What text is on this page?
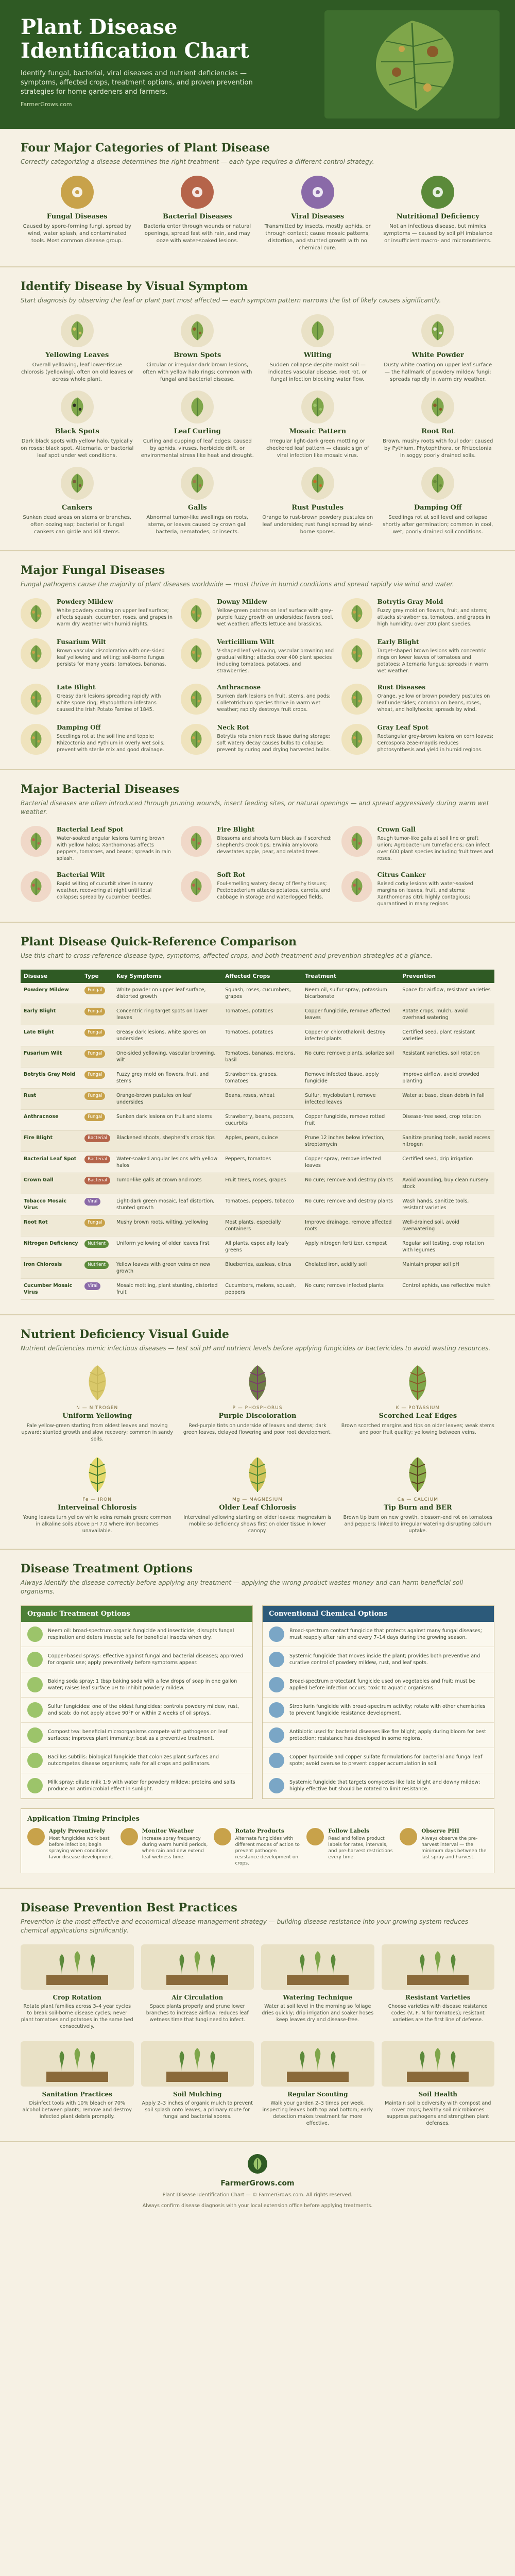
Plant Disease Identification Chart

Identify fungal, bacterial, viral diseases and nutrient deficiencies — symptoms, affected crops, treatment options, and proven prevention strategies for home gardeners and farmers.

FarmerGrows.com

Four Major Categories of Plant Disease

Correctly categorizing a disease determines the right treatment — each type requires a different control strategy.

Fungal Diseases

Caused by spore-forming fungi, spread by wind, water splash, and contaminated tools. Most common disease group.

Bacterial Diseases

Bacteria enter through wounds or natural openings, spread fast with rain, and may ooze with water-soaked lesions.

Viral Diseases

Transmitted by insects, mostly aphids, or through contact; cause mosaic patterns, distortion, and stunted growth with no chemical cure.

Nutritional Deficiency

Not an infectious disease, but mimics symptoms — caused by soil pH imbalance or insufficient macro- and micronutrients.

Identify Disease by Visual Symptom

Start diagnosis by observing the leaf or plant part most affected — each symptom pattern narrows the list of likely causes significantly.

Yellowing Leaves

Overall yellowing, leaf lower-tissue chlorosis (yellowing), often on old leaves or across whole plant.

Brown Spots

Circular or irregular dark brown lesions, often with yellow halo rings; common with fungal and bacterial disease.

Wilting

Sudden collapse despite moist soil — indicates vascular disease, root rot, or fungal infection blocking water flow.

White Powder

Dusty white coating on upper leaf surface — the hallmark of powdery mildew fungi; spreads rapidly in warm dry weather.

Black Spots

Dark black spots with yellow halo, typically on roses; black spot, Alternaria, or bacterial leaf spot under wet conditions.

Leaf Curling

Curling and cupping of leaf edges; caused by aphids, viruses, herbicide drift, or environmental stress like heat and drought.

Mosaic Pattern

Irregular light-dark green mottling or checkered leaf pattern — classic sign of viral infection like mosaic virus.

Root Rot

Brown, mushy roots with foul odor; caused by Pythium, Phytophthora, or Rhizoctonia in soggy poorly drained soils.

Cankers

Sunken dead areas on stems or branches, often oozing sap; bacterial or fungal cankers can girdle and kill stems.

Galls

Abnormal tumor-like swellings on roots, stems, or leaves caused by crown gall bacteria, nematodes, or insects.

Rust Pustules

Orange to rust-brown powdery pustules on leaf undersides; rust fungi spread by wind-borne spores.

Damping Off

Seedlings rot at soil level and collapse shortly after germination; common in cool, wet, poorly drained soil conditions.

Major Fungal Diseases

Fungal pathogens cause the majority of plant diseases worldwide — most thrive in humid conditions and spread rapidly via wind and water.

Powdery Mildew

White powdery coating on upper leaf surface; affects squash, cucumber, roses, and grapes in warm dry weather with humid nights.

Downy Mildew

Yellow-green patches on leaf surface with grey-purple fuzzy growth on undersides; favors cool, wet weather; affects lettuce and brassicas.

Botrytis Gray Mold

Fuzzy grey mold on flowers, fruit, and stems; attacks strawberries, tomatoes, and grapes in high humidity; over 200 plant species.

Fusarium Wilt

Brown vascular discoloration with one-sided leaf yellowing and wilting; soil-borne fungus persists for many years; tomatoes, bananas.

Verticillium Wilt

V-shaped leaf yellowing, vascular browning and gradual wilting; attacks over 400 plant species including tomatoes, potatoes, and strawberries.

Early Blight

Target-shaped brown lesions with concentric rings on lower leaves of tomatoes and potatoes; Alternaria fungus; spreads in warm wet weather.

Late Blight

Greasy dark lesions spreading rapidly with white spore ring; Phytophthora infestans caused the Irish Potato Famine of 1845.

Anthracnose

Sunken dark lesions on fruit, stems, and pods; Colletotrichum species thrive in warm wet weather; rapidly destroys fruit crops.

Rust Diseases

Orange, yellow or brown powdery pustules on leaf undersides; common on beans, roses, wheat, and hollyhocks; spreads by wind.

Damping Off

Seedlings rot at the soil line and topple; Rhizoctonia and Pythium in overly wet soils; prevent with sterile mix and good drainage.

Neck Rot

Botrytis rots onion neck tissue during storage; soft watery decay causes bulbs to collapse; prevent by curing and drying harvested bulbs.

Gray Leaf Spot

Rectangular grey-brown lesions on corn leaves; Cercospora zeae-maydis reduces photosynthesis and yield in humid regions.

Major Bacterial Diseases

Bacterial diseases are often introduced through pruning wounds, insect feeding sites, or natural openings — and spread aggressively during warm wet weather.

Bacterial Leaf Spot

Water-soaked angular lesions turning brown with yellow halos; Xanthomonas affects peppers, tomatoes, and beans; spreads in rain splash.

Fire Blight

Blossoms and shoots turn black as if scorched; shepherd's crook tips; Erwinia amylovora devastates apple, pear, and related trees.

Crown Gall

Rough tumor-like galls at soil line or graft union; Agrobacterium tumefaciens; can infect over 600 plant species including fruit trees and roses.

Bacterial Wilt

Rapid wilting of cucurbit vines in sunny weather, recovering at night until total collapse; spread by cucumber beetles.

Soft Rot

Foul-smelling watery decay of fleshy tissues; Pectobacterium attacks potatoes, carrots, and cabbage in storage and waterlogged fields.

Citrus Canker

Raised corky lesions with water-soaked margins on leaves, fruit, and stems; Xanthomonas citri; highly contagious; quarantined in many regions.

Plant Disease Quick-Reference Comparison

Use this chart to cross-reference disease type, symptoms, affected crops, and both treatment and prevention strategies at a glance.

Disease	Type	Key Symptoms	Affected Crops	Treatment	Prevention
Powdery Mildew	Fungal	White powder on upper leaf surface, distorted growth	Squash, roses, cucumbers, grapes	Neem oil, sulfur spray, potassium bicarbonate	Space for airflow, resistant varieties
Early Blight	Fungal	Concentric ring target spots on lower leaves	Tomatoes, potatoes	Copper fungicide, remove affected leaves	Rotate crops, mulch, avoid overhead watering
Late Blight	Fungal	Greasy dark lesions, white spores on undersides	Tomatoes, potatoes	Copper or chlorothalonil; destroy infected plants	Certified seed, plant resistant varieties
Fusarium Wilt	Fungal	One-sided yellowing, vascular browning, wilt	Tomatoes, bananas, melons, basil	No cure; remove plants, solarize soil	Resistant varieties, soil rotation
Botrytis Gray Mold	Fungal	Fuzzy grey mold on flowers, fruit, and stems	Strawberries, grapes, tomatoes	Remove infected tissue, apply fungicide	Improve airflow, avoid crowded planting
Rust	Fungal	Orange-brown pustules on leaf undersides	Beans, roses, wheat	Sulfur, myclobutanil, remove infected leaves	Water at base, clean debris in fall
Anthracnose	Fungal	Sunken dark lesions on fruit and stems	Strawberry, beans, peppers, cucurbits	Copper fungicide, remove rotted fruit	Disease-free seed, crop rotation
Fire Blight	Bacterial	Blackened shoots, shepherd's crook tips	Apples, pears, quince	Prune 12 inches below infection, streptomycin	Sanitize pruning tools, avoid excess nitrogen
Bacterial Leaf Spot	Bacterial	Water-soaked angular lesions with yellow halos	Peppers, tomatoes	Copper spray, remove infected leaves	Certified seed, drip irrigation
Crown Gall	Bacterial	Tumor-like galls at crown and roots	Fruit trees, roses, grapes	No cure; remove and destroy plants	Avoid wounding, buy clean nursery stock
Tobacco Mosaic Virus	Viral	Light-dark green mosaic, leaf distortion, stunted growth	Tomatoes, peppers, tobacco	No cure; remove and destroy plants	Wash hands, sanitize tools, resistant varieties
Root Rot	Fungal	Mushy brown roots, wilting, yellowing	Most plants, especially containers	Improve drainage, remove affected roots	Well-drained soil, avoid overwatering
Nitrogen Deficiency	Nutrient	Uniform yellowing of older leaves first	All plants, especially leafy greens	Apply nitrogen fertilizer, compost	Regular soil testing, crop rotation with legumes
Iron Chlorosis	Nutrient	Yellow leaves with green veins on new growth	Blueberries, azaleas, citrus	Chelated iron, acidify soil	Maintain proper soil pH
Cucumber Mosaic Virus	Viral	Mosaic mottling, plant stunting, distorted fruit	Cucumbers, melons, squash, peppers	No cure; remove infected plants	Control aphids, use reflective mulch
Nutrient Deficiency Visual Guide

Nutrient deficiencies mimic infectious diseases — test soil pH and nutrient levels before applying fungicides or bactericides to avoid wasting resources.

N — NITROGEN
Uniform Yellowing

Pale yellow-green starting from oldest leaves and moving upward; stunted growth and slow recovery; common in sandy soils.

P — PHOSPHORUS
Purple Discoloration

Red-purple tints on underside of leaves and stems; dark green leaves, delayed flowering and poor root development.

K — POTASSIUM
Scorched Leaf Edges

Brown scorched margins and tips on older leaves; weak stems and poor fruit quality; yellowing between veins.

Fe — IRON
Interveinal Chlorosis

Young leaves turn yellow while veins remain green; common in alkaline soils above pH 7.0 where iron becomes unavailable.

Mg — MAGNESIUM
Older Leaf Chlorosis

Interveinal yellowing starting on older leaves; magnesium is mobile so deficiency shows first on older tissue in lower canopy.

Ca — CALCIUM
Tip Burn and BER

Brown tip burn on new growth, blossom-end rot on tomatoes and peppers; linked to irregular watering disrupting calcium uptake.

Disease Treatment Options

Always identify the disease correctly before applying any treatment — applying the wrong product wastes money and can harm beneficial soil organisms.

Organic Treatment Options

Neem oil: broad-spectrum organic fungicide and insecticide; disrupts fungal respiration and deters insects; safe for beneficial insects when dry.

Copper-based sprays: effective against fungal and bacterial diseases; approved for organic use; apply preventively before symptoms appear.

Baking soda spray: 1 tbsp baking soda with a few drops of soap in one gallon water; raises leaf surface pH to inhibit powdery mildew.

Sulfur fungicides: one of the oldest fungicides; controls powdery mildew, rust, and scab; do not apply above 90°F or within 2 weeks of oil sprays.

Compost tea: beneficial microorganisms compete with pathogens on leaf surfaces; improves plant immunity; best as a preventive treatment.

Bacillus subtilis: biological fungicide that colonizes plant surfaces and outcompetes disease organisms; safe for all crops and pollinators.

Milk spray: dilute milk 1:9 with water for powdery mildew; proteins and salts produce an antimicrobial effect in sunlight.

Conventional Chemical Options

Broad-spectrum contact fungicide that protects against many fungal diseases; must reapply after rain and every 7–14 days during the growing season.

Systemic fungicide that moves inside the plant; provides both preventive and curative control of powdery mildew, rust, and leaf spots.

Broad-spectrum protectant fungicide used on vegetables and fruit; must be applied before infection occurs; toxic to aquatic organisms.

Strobilurin fungicide with broad-spectrum activity; rotate with other chemistries to prevent fungicide resistance development.

Antibiotic used for bacterial diseases like fire blight; apply during bloom for best protection; resistance has developed in some regions.

Copper hydroxide and copper sulfate formulations for bacterial and fungal leaf spots; avoid overuse to prevent copper accumulation in soil.

Systemic fungicide that targets oomycetes like late blight and downy mildew; highly effective but should be rotated to limit resistance.

Application Timing Principles
Apply Preventively

Most fungicides work best before infection; begin spraying when conditions favor disease development.

Monitor Weather

Increase spray frequency during warm humid periods, when rain and dew extend leaf wetness time.

Rotate Products

Alternate fungicides with different modes of action to prevent pathogen resistance development on crops.

Follow Labels

Read and follow product labels for rates, intervals, and pre-harvest restrictions every time.

Observe PHI

Always observe the pre-harvest interval — the minimum days between the last spray and harvest.

Disease Prevention Best Practices

Prevention is the most effective and economical disease management strategy — building disease resistance into your growing system reduces chemical applications significantly.

Crop Rotation

Rotate plant families across 3–4 year cycles to break soil-borne disease cycles; never plant tomatoes and potatoes in the same bed consecutively.

Air Circulation

Space plants properly and prune lower branches to increase airflow; reduces leaf wetness time that fungi need to infect.

Watering Technique

Water at soil level in the morning so foliage dries quickly; drip irrigation and soaker hoses keep leaves dry and disease-free.

Resistant Varieties

Choose varieties with disease resistance codes (V, F, N for tomatoes); resistant varieties are the first line of defense.

Sanitation Practices

Disinfect tools with 10% bleach or 70% alcohol between plants; remove and destroy infected plant debris promptly.

Soil Mulching

Apply 2–3 inches of organic mulch to prevent soil splash onto leaves, a primary route for fungal and bacterial spores.

Regular Scouting

Walk your garden 2–3 times per week, inspecting leaves both top and bottom; early detection makes treatment far more effective.

Soil Health

Maintain soil biodiversity with compost and cover crops; healthy soil microbiomes suppress pathogens and strengthen plant defenses.

FarmerGrows.com

Plant Disease Identification Chart — © FarmerGrows.com. All rights reserved.

Always confirm disease diagnosis with your local extension office before applying treatments.
